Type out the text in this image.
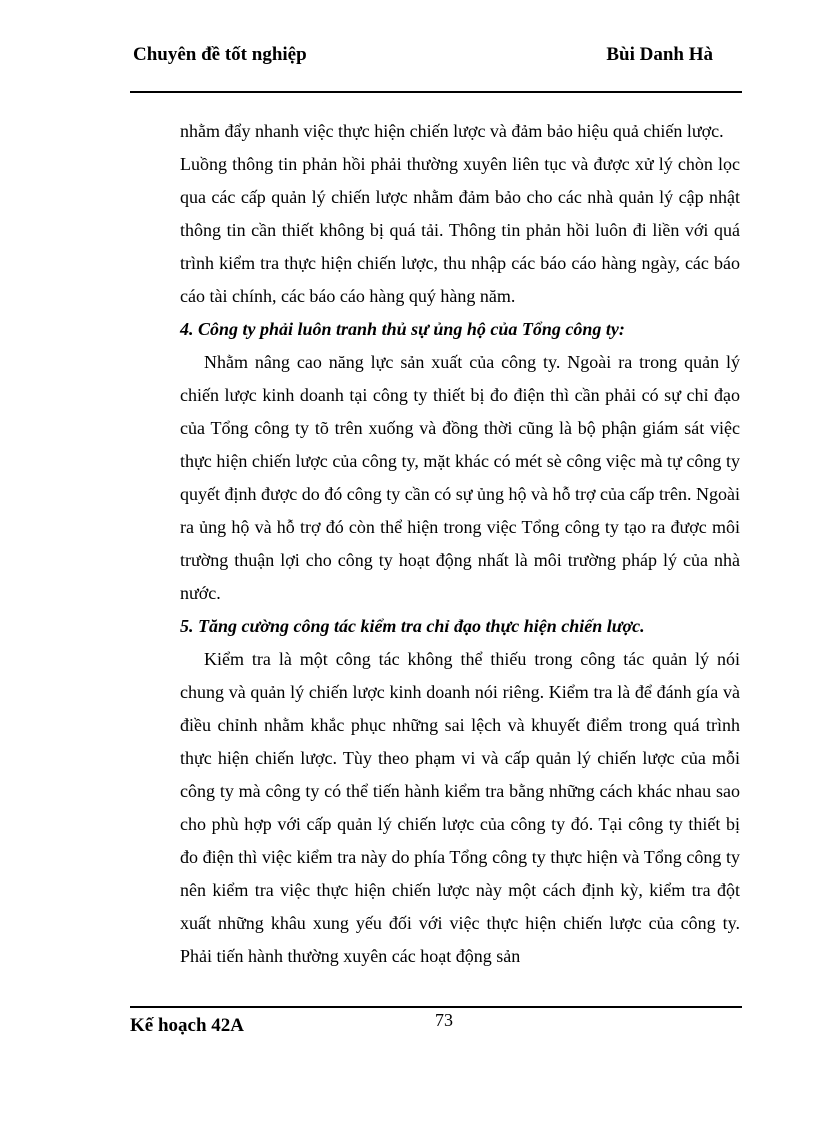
Chuyên đề tốt nghiệp	Bùi Danh Hà

nhằm đẩy nhanh việc thực hiện chiến lược và đảm bảo hiệu quả chiến lược.

Luồng thông tin phản hồi phải thường xuyên liên tục và được xử lý chòn lọc qua các cấp quản lý chiến lược nhằm đảm bảo cho các nhà quản lý cập nhật thông tin cần thiết không bị quá tải. Thông tin phản hồi luôn đi liền với quá trình kiểm tra thực hiện chiến lược, thu nhập các báo cáo hàng ngày, các báo cáo tài chính, các báo cáo hàng quý hàng năm.

4. Công ty phải luôn tranh thủ sự ủng hộ của Tổng công ty:

Nhằm nâng cao năng lực sản xuất của công ty. Ngoài ra trong quản lý chiến lược kinh doanh tại công ty thiết bị đo điện thì cần phải có sự chỉ đạo của Tổng công ty tõ trên xuống và đồng thời cũng là bộ phận giám sát việc thực hiện chiến lược của công ty, mặt khác có mét sè công việc mà tự công ty quyết định được do đó công ty cần có sự ủng hộ và hỗ trợ của cấp trên. Ngoài ra ủng hộ và hỗ trợ đó còn thể hiện trong việc Tổng công ty tạo ra được môi trường thuận lợi cho công ty hoạt động nhất là môi trường pháp lý của nhà nước.

5. Tăng cường công tác kiểm tra chỉ đạo thực hiện chiến lược.

Kiểm tra là một công tác không thể thiếu trong công tác quản lý nói chung và quản lý chiến lược kinh doanh nói riêng. Kiểm tra là để đánh gía và điều chỉnh nhằm khắc phục những sai lệch và khuyết điểm trong quá trình thực hiện chiến lược. Tùy theo phạm vi và cấp quản lý chiến lược của mỗi công ty mà công ty có thể tiến hành kiểm tra bằng những cách khác nhau sao cho phù hợp với cấp quản lý chiến lược của công ty đó. Tại công ty thiết bị đo điện thì việc kiểm tra này do phía Tổng công ty thực hiện và Tổng công ty nên kiểm tra việc thực hiện chiến lược này một cách định kỳ, kiểm tra đột xuất những khâu xung yếu đối với việc thực hiện chiến lược của công ty. Phải tiến hành thường xuyên các hoạt động sản

Kế hoạch 42A	73
